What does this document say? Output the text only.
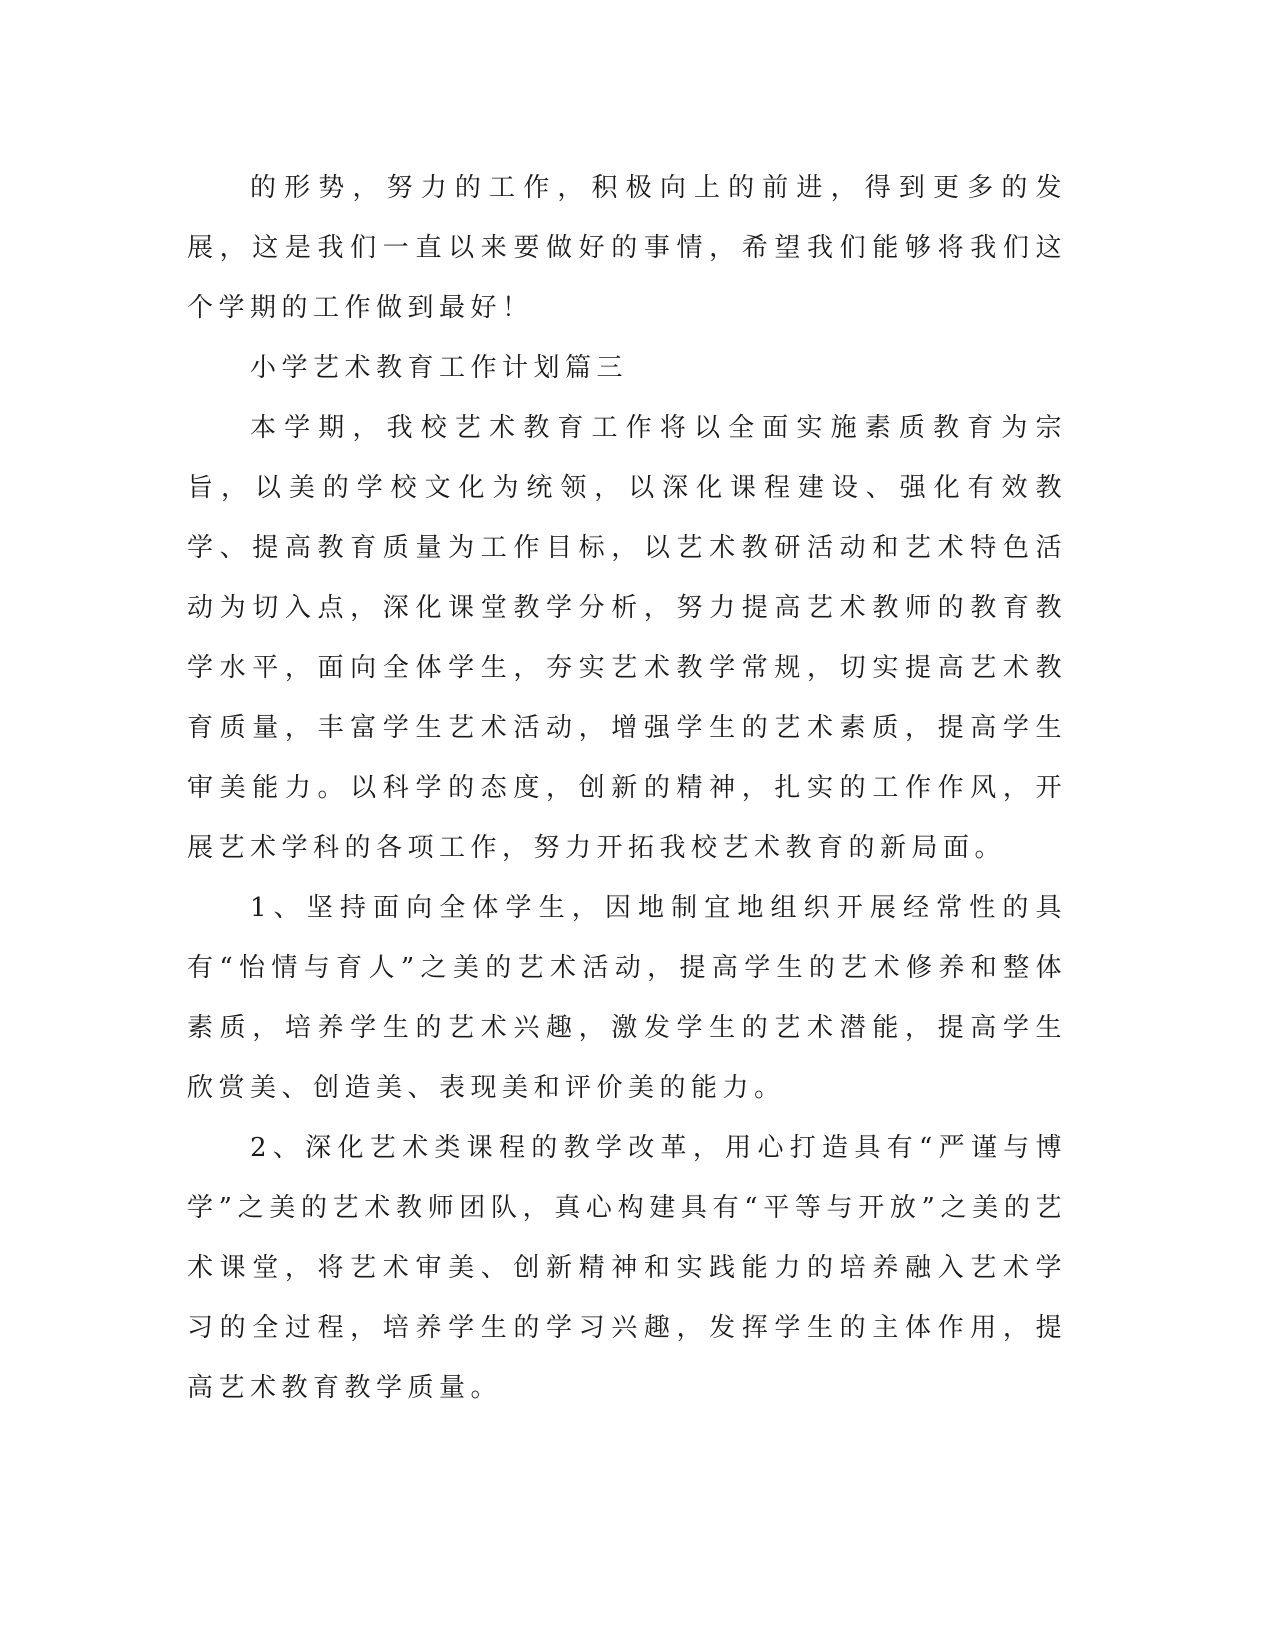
的形势，努力的工作，积极向上的前进，得到更多的发展，这是我们一直以来要做好的事情，希望我们能够将我们这个学期的工作做到最好！

小学艺术教育工作计划篇三

本学期，我校艺术教育工作将以全面实施素质教育为宗旨，以美的学校文化为统领，以深化课程建设、强化有效教学、提高教育质量为工作目标，以艺术教研活动和艺术特色活动为切入点，深化课堂教学分析，努力提高艺术教师的教育教学水平，面向全体学生，夯实艺术教学常规，切实提高艺术教育质量，丰富学生艺术活动，增强学生的艺术素质，提高学生审美能力。以科学的态度，创新的精神，扎实的工作作风，开展艺术学科的各项工作，努力开拓我校艺术教育的新局面。

1、坚持面向全体学生，因地制宜地组织开展经常性的具有“怡情与育人”之美的艺术活动，提高学生的艺术修养和整体素质，培养学生的艺术兴趣，激发学生的艺术潜能，提高学生欣赏美、创造美、表现美和评价美的能力。

2、深化艺术类课程的教学改革，用心打造具有“严谨与博学”之美的艺术教师团队，真心构建具有“平等与开放”之美的艺术课堂，将艺术审美、创新精神和实践能力的培养融入艺术学习的全过程，培养学生的学习兴趣，发挥学生的主体作用，提高艺术教育教学质量。
